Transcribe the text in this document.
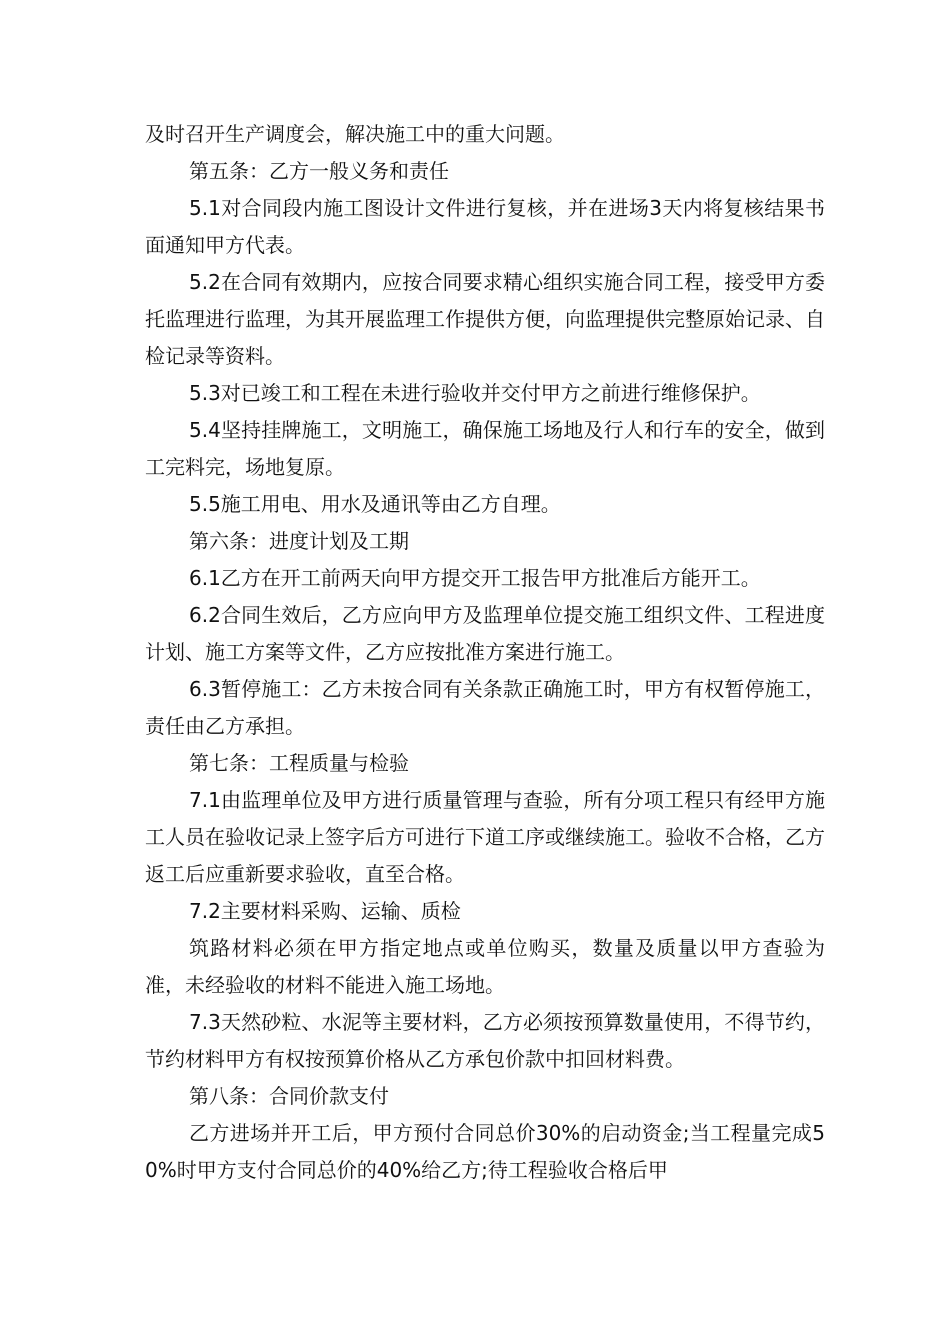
及时召开生产调度会，解决施工中的重大问题。

第五条：乙方一般义务和责任

5.1对合同段内施工图设计文件进行复核，并在进场3天内将复核结果书面通知甲方代表。

5.2在合同有效期内，应按合同要求精心组织实施合同工程，接受甲方委托监理进行监理，为其开展监理工作提供方便，向监理提供完整原始记录、自检记录等资料。

5.3对已竣工和工程在未进行验收并交付甲方之前进行维修保护。

5.4坚持挂牌施工，文明施工，确保施工场地及行人和行车的安全，做到工完料完，场地复原。

5.5施工用电、用水及通讯等由乙方自理。

第六条：进度计划及工期

6.1乙方在开工前两天向甲方提交开工报告甲方批准后方能开工。

6.2合同生效后，乙方应向甲方及监理单位提交施工组织文件、工程进度计划、施工方案等文件，乙方应按批准方案进行施工。

6.3暂停施工：乙方未按合同有关条款正确施工时，甲方有权暂停施工，责任由乙方承担。

第七条：工程质量与检验

7.1由监理单位及甲方进行质量管理与查验，所有分项工程只有经甲方施工人员在验收记录上签字后方可进行下道工序或继续施工。验收不合格，乙方返工后应重新要求验收，直至合格。

7.2主要材料采购、运输、质检

筑路材料必须在甲方指定地点或单位购买，数量及质量以甲方查验为准，未经验收的材料不能进入施工场地。

7.3天然砂粒、水泥等主要材料，乙方必须按预算数量使用，不得节约，节约材料甲方有权按预算价格从乙方承包价款中扣回材料费。

第八条：合同价款支付

乙方进场并开工后，甲方预付合同总价30%的启动资金;当工程量完成50%时甲方支付合同总价的40%给乙方;待工程验收合格后甲
